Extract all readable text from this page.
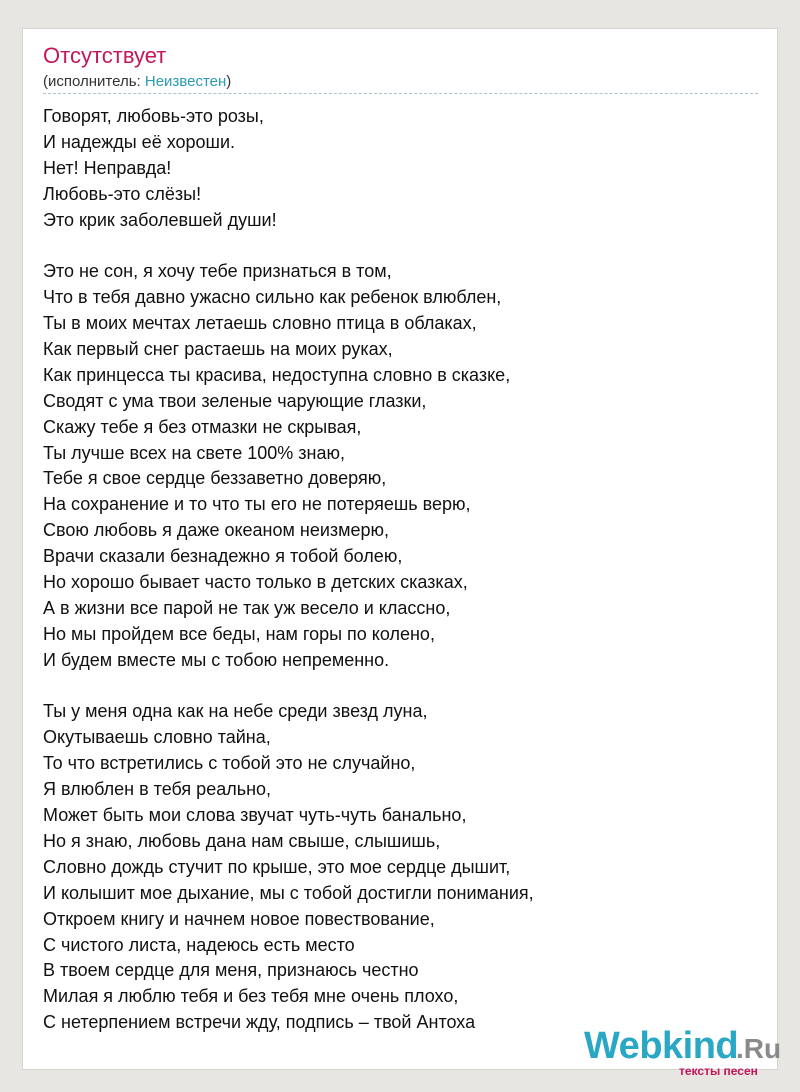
Отсутствует
(исполнитель: Неизвестен)
Говорят, любовь-это розы,
И надежды её хороши.
Нет! Неправда!
Любовь-это слёзы!
Это крик заболевшей души!
Это не сон, я хочу тебе признаться в том,
Что в тебя давно ужасно сильно как ребенок влюблен,
Ты в моих мечтах летаешь словно птица в облаках,
Как первый снег растаешь на моих руках,
Как принцесса ты красива, недоступна словно в сказке,
Сводят с ума твои зеленые чарующие глазки,
Скажу тебе я без отмазки не скрывая,
Ты лучше всех на свете 100% знаю,
Тебе я свое сердце беззаветно доверяю,
На сохранение и то что ты его не потеряешь верю,
Свою любовь я даже океаном неизмерю,
Врачи сказали безнадежно я тобой болею,
Но хорошо бывает часто только в детских сказках,
А в жизни все парой не так уж весело и классно,
Но мы пройдем все беды, нам горы по колено,
И будем вместе мы с тобою непременно.
Ты у меня одна как на небе среди звезд луна,
Окутываешь словно тайна,
То что встретились с тобой это не случайно,
Я влюблен в тебя реально,
Может быть мои слова звучат чуть-чуть банально,
Но я знаю, любовь дана нам свыше, слышишь,
Словно дождь стучит по крыше, это мое сердце дышит,
И колышит мое дыхание, мы с тобой достигли понимания,
Откроем книгу и начнем новое повествование,
С чистого листа, надеюсь есть место
В твоем сердце для меня, признаюсь честно
Милая я люблю тебя и без тебя мне очень плохо,
С нетерпением встречи жду, подпись – твой Антоха
Webkind
.Ru
тексты песен
